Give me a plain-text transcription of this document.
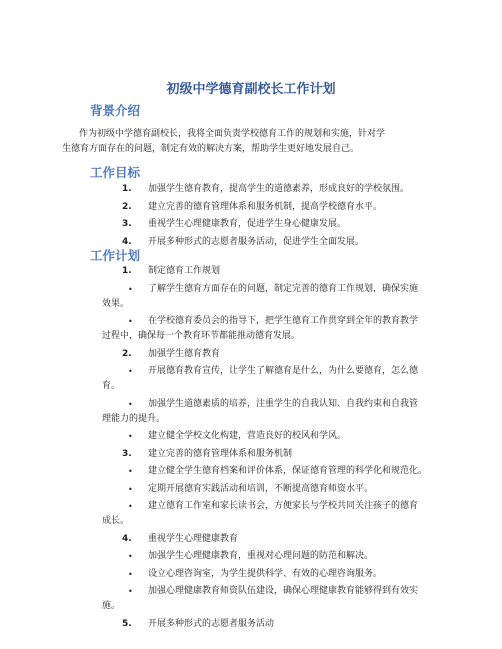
初级中学德育副校长工作计划
背景介绍
作为初级中学德育副校长，我将全面负责学校德育工作的规划和实施，针对学
生德育方面存在的问题，制定有效的解决方案，帮助学生更好地发展自己。
工作目标
1. 加强学生德育教育，提高学生的道德素养，形成良好的学校氛围。
2. 建立完善的德育管理体系和服务机制，提高学校德育水平。
3. 重视学生心理健康教育，促进学生身心健康发展。
4. 开展多种形式的志愿者服务活动，促进学生全面发展。
工作计划
1. 制定德育工作规划
• 了解学生德育方面存在的问题，制定完善的德育工作规划，确保实施
效果。
• 在学校德育委员会的指导下，把学生德育工作贯穿到全年的教育教学
过程中，确保每一个教育环节都能推动德育发展。
2. 加强学生德育教育
• 开展德育教育宣传，让学生了解德育是什么，为什么要德育，怎么德
育。
• 加强学生道德素质的培养，注重学生的自我认知、自我约束和自我管
理能力的提升。
• 建立健全学校文化构建，营造良好的校风和学风。
3. 建立完善的德育管理体系和服务机制
• 建立健全学生德育档案和评价体系，保证德育管理的科学化和规范化。
• 定期开展德育实践活动和培训，不断提高德育师资水平。
• 建立德育工作室和家长读书会，方便家长与学校共同关注孩子的德育
成长。
4. 重视学生心理健康教育
• 加强学生心理健康教育，重视对心理问题的防范和解决。
• 设立心理咨询室，为学生提供科学、有效的心理咨询服务。
• 加强心理健康教育师资队伍建设，确保心理健康教育能够得到有效实
施。
5. 开展多种形式的志愿者服务活动
